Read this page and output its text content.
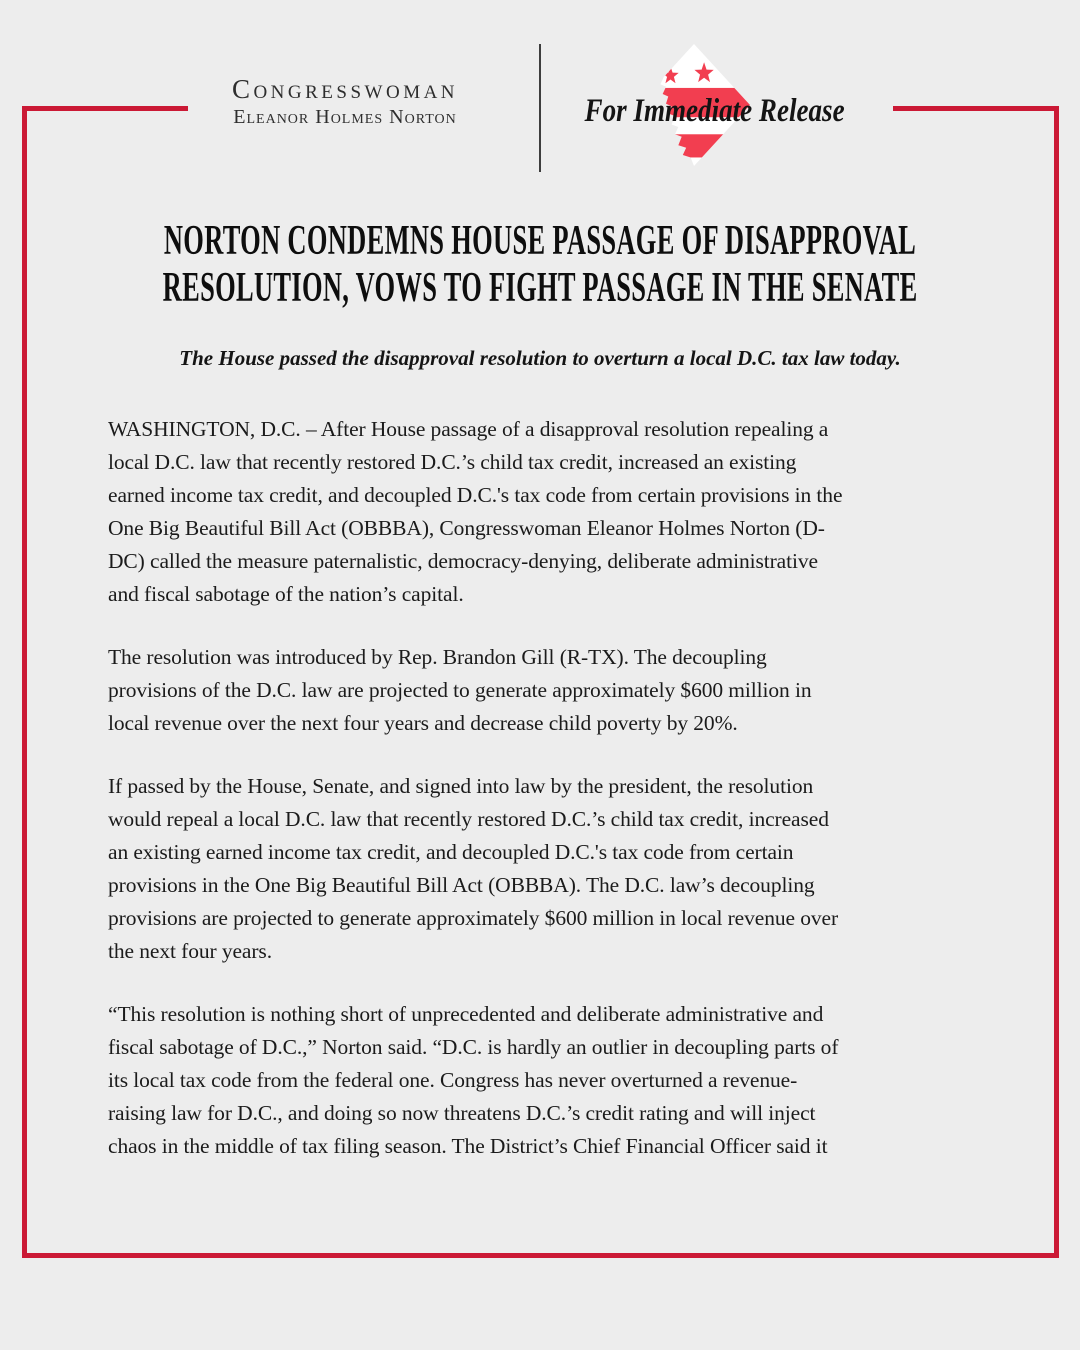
Congresswoman
Eleanor Holmes Norton	For Immediate Release
NORTON CONDEMNS HOUSE PASSAGE OF DISAPPROVAL
RESOLUTION, VOWS TO FIGHT PASSAGE IN THE SENATE
The House passed the disapproval resolution to overturn a local D.C. tax law today.

WASHINGTON, D.C. – After House passage of a disapproval resolution repealing a
local D.C. law that recently restored D.C.’s child tax credit, increased an existing
earned income tax credit, and decoupled D.C.'s tax code from certain provisions in the
One Big Beautiful Bill Act (OBBBA), Congresswoman Eleanor Holmes Norton (D-
DC) called the measure paternalistic, democracy-denying, deliberate administrative
and fiscal sabotage of the nation’s capital.

The resolution was introduced by Rep. Brandon Gill (R-TX). The decoupling
provisions of the D.C. law are projected to generate approximately $600 million in
local revenue over the next four years and decrease child poverty by 20%.

If passed by the House, Senate, and signed into law by the president, the resolution
would repeal a local D.C. law that recently restored D.C.’s child tax credit, increased
an existing earned income tax credit, and decoupled D.C.'s tax code from certain
provisions in the One Big Beautiful Bill Act (OBBBA). The D.C. law’s decoupling
provisions are projected to generate approximately $600 million in local revenue over
the next four years.

“This resolution is nothing short of unprecedented and deliberate administrative and
fiscal sabotage of D.C.,” Norton said. “D.C. is hardly an outlier in decoupling parts of
its local tax code from the federal one. Congress has never overturned a revenue-
raising law for D.C., and doing so now threatens D.C.’s credit rating and will inject
chaos in the middle of tax filing season. The District’s Chief Financial Officer said it
